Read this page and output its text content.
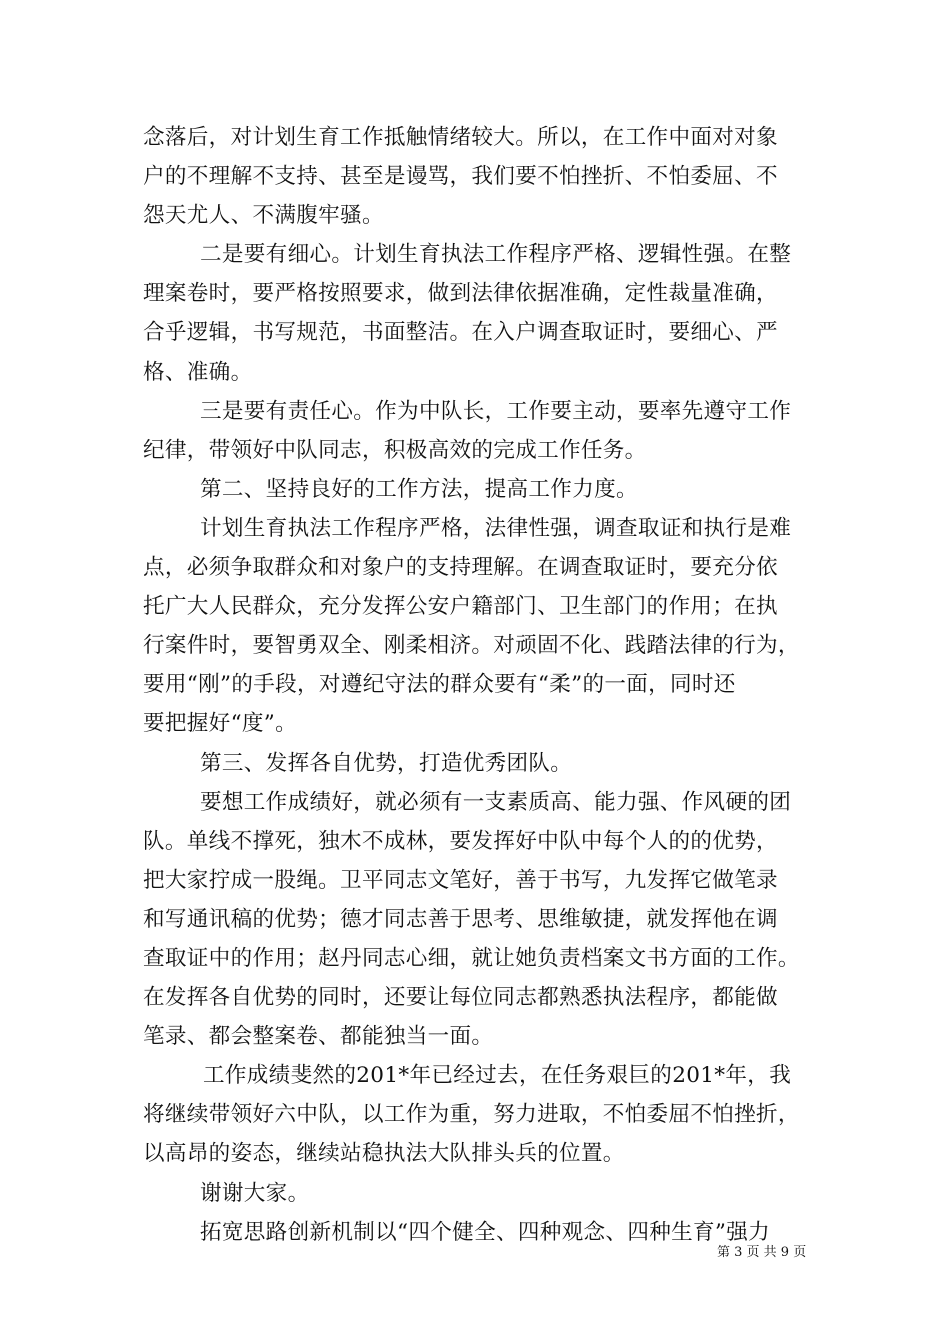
念落后，对计划生育工作抵触情绪较大。所以，在工作中面对对象
户的不理解不支持、甚至是谩骂，我们要不怕挫折、不怕委屈、不
怨天尤人、不满腹牢骚。
二是要有细心。计划生育执法工作程序严格、逻辑性强。在整
理案卷时，要严格按照要求，做到法律依据准确，定性裁量准确，
合乎逻辑，书写规范，书面整洁。在入户调查取证时，要细心、严
格、准确。
三是要有责任心。作为中队长，工作要主动，要率先遵守工作
纪律，带领好中队同志，积极高效的完成工作任务。
第二、坚持良好的工作方法，提高工作力度。
计划生育执法工作程序严格，法律性强，调查取证和执行是难
点，必须争取群众和对象户的支持理解。在调查取证时，要充分依
托广大人民群众，充分发挥公安户籍部门、卫生部门的作用；在执
行案件时，要智勇双全、刚柔相济。对顽固不化、践踏法律的行为，
要用“刚”的手段，对遵纪守法的群众要有“柔”的一面，同时还
要把握好“度”。
第三、发挥各自优势，打造优秀团队。
要想工作成绩好，就必须有一支素质高、能力强、作风硬的团
队。单线不撑死，独木不成林，要发挥好中队中每个人的的优势，
把大家拧成一股绳。卫平同志文笔好，善于书写，九发挥它做笔录
和写通讯稿的优势；德才同志善于思考、思维敏捷，就发挥他在调
查取证中的作用；赵丹同志心细，就让她负责档案文书方面的工作。
在发挥各自优势的同时，还要让每位同志都熟悉执法程序，都能做
笔录、都会整案卷、都能独当一面。
工作成绩斐然的201*年已经过去，在任务艰巨的201*年，我
将继续带领好六中队，以工作为重，努力进取，不怕委屈不怕挫折，
以高昂的姿态，继续站稳执法大队排头兵的位置。
谢谢大家。
拓宽思路创新机制以“四个健全、四种观念、四种生育”强力
第 3 页 共 9 页
